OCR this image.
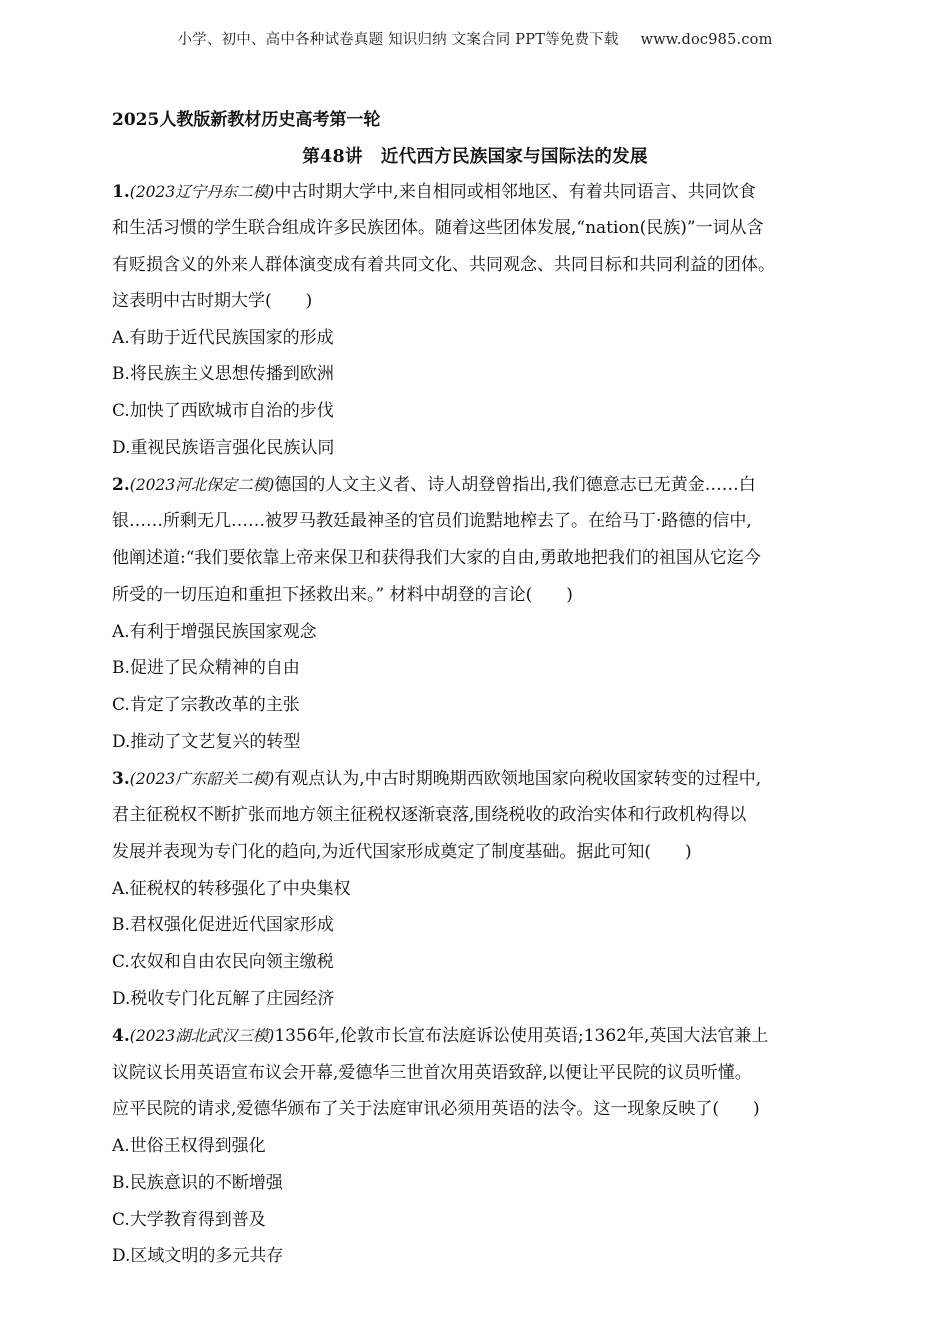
小学、初中、高中各种试卷真题 知识归纳 文案合同 PPT等免费下载 www.doc985.com
2025人教版新教材历史高考第一轮
第48讲 近代西方民族国家与国际法的发展
1.(2023辽宁丹东二模)中古时期大学中,来自相同或相邻地区、有着共同语言、共同饮食
和生活习惯的学生联合组成许多民族团体。随着这些团体发展,“nation(民族)”一词从含
有贬损含义的外来人群体演变成有着共同文化、共同观念、共同目标和共同利益的团体。
这表明中古时期大学(　　)
A.有助于近代民族国家的形成
B.将民族主义思想传播到欧洲
C.加快了西欧城市自治的步伐
D.重视民族语言强化民族认同
2.(2023河北保定二模)德国的人文主义者、诗人胡登曾指出,我们德意志已无黄金……白
银……所剩无几……被罗马教廷最神圣的官员们诡黠地榨去了。在给马丁·路德的信中,
他阐述道:“我们要依靠上帝来保卫和获得我们大家的自由,勇敢地把我们的祖国从它迄今
所受的一切压迫和重担下拯救出来。” 材料中胡登的言论(　　)
A.有利于增强民族国家观念
B.促进了民众精神的自由
C.肯定了宗教改革的主张
D.推动了文艺复兴的转型
3.(2023广东韶关二模)有观点认为,中古时期晚期西欧领地国家向税收国家转变的过程中,
君主征税权不断扩张而地方领主征税权逐渐衰落,围绕税收的政治实体和行政机构得以
发展并表现为专门化的趋向,为近代国家形成奠定了制度基础。据此可知(　　)
A.征税权的转移强化了中央集权
B.君权强化促进近代国家形成
C.农奴和自由农民向领主缴税
D.税收专门化瓦解了庄园经济
4.(2023湖北武汉三模)1356年,伦敦市长宣布法庭诉讼使用英语;1362年,英国大法官兼上
议院议长用英语宣布议会开幕,爱德华三世首次用英语致辞,以便让平民院的议员听懂。
应平民院的请求,爱德华颁布了关于法庭审讯必须用英语的法令。这一现象反映了(　　)
A.世俗王权得到强化
B.民族意识的不断增强
C.大学教育得到普及
D.区域文明的多元共存
